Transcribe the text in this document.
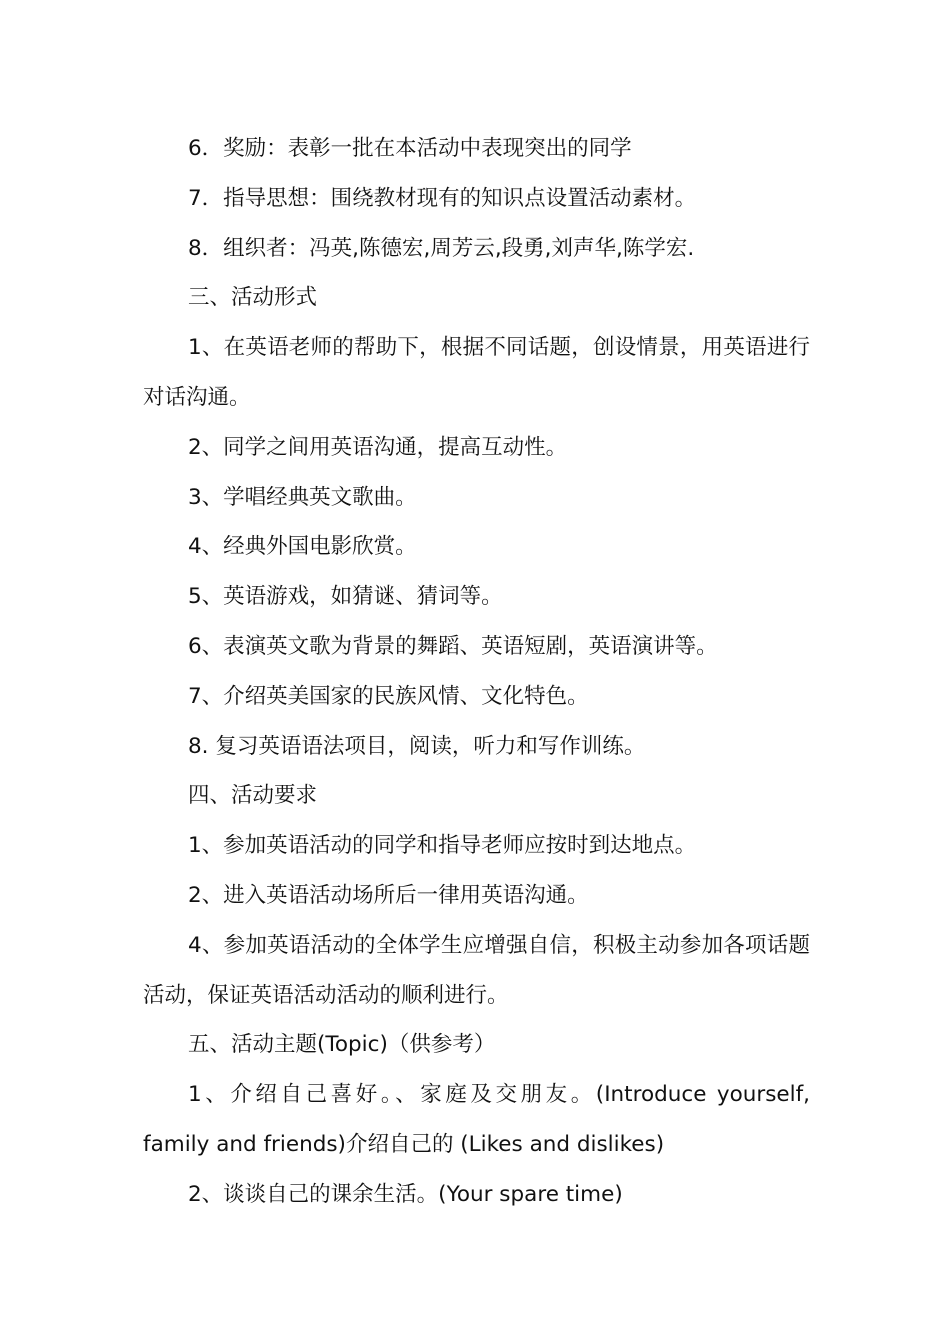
6．奖励：表彰一批在本活动中表现突出的同学

7．指导思想：围绕教材现有的知识点设置活动素材。

8．组织者：冯英,陈德宏,周芳云,段勇,刘声华,陈学宏.

三、活动形式

1、在英语老师的帮助下，根据不同话题，创设情景，用英语进行对话沟通。

2、同学之间用英语沟通，提高互动性。

3、学唱经典英文歌曲。

4、经典外国电影欣赏。

5、英语游戏，如猜谜、猜词等。

6、表演英文歌为背景的舞蹈、英语短剧，英语演讲等。

7、介绍英美国家的民族风情、文化特色。

8. 复习英语语法项目，阅读，听力和写作训练。

四、活动要求

1、参加英语活动的同学和指导老师应按时到达地点。

2、进入英语活动场所后一律用英语沟通。

4、参加英语活动的全体学生应增强自信，积极主动参加各项话题活动，保证英语活动活动的顺利进行。

五、活动主题(Topic)（供参考）

1、介绍自己喜好。、家庭及交朋友。(Introduce yourself, family and friends)介绍自己的 (Likes and dislikes)

2、谈谈自己的课余生活。(Your spare time)
